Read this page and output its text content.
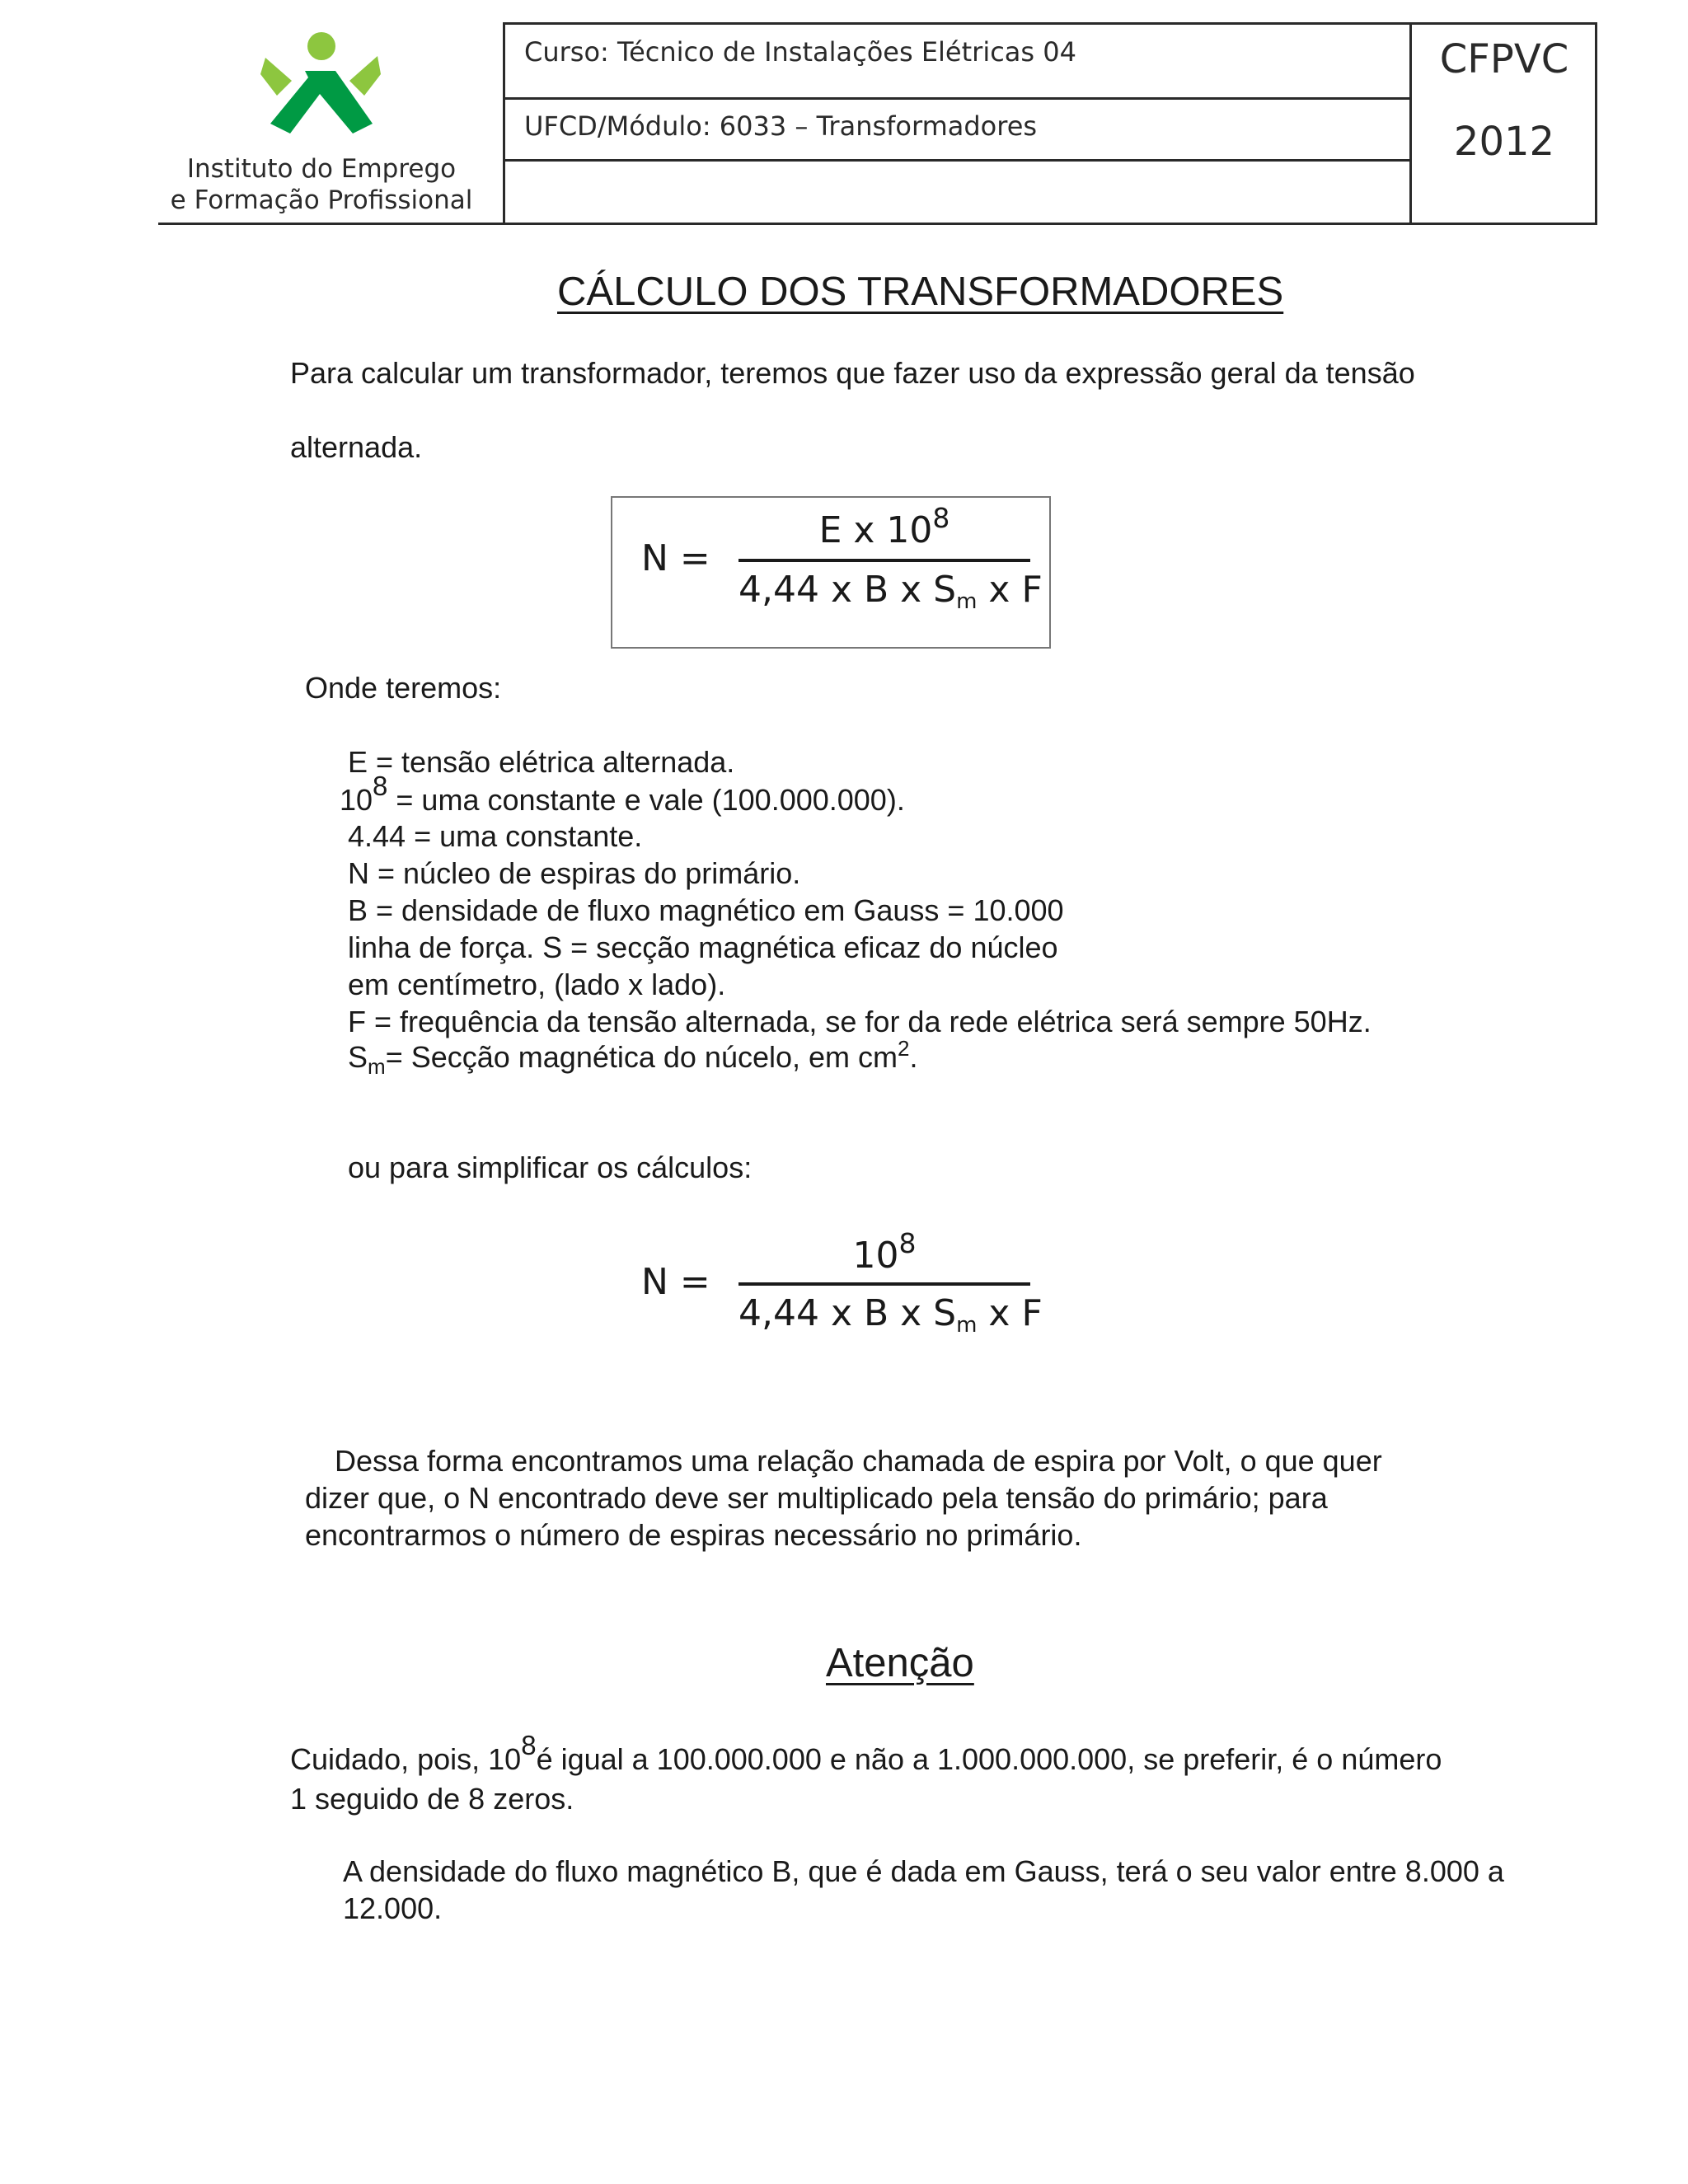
Instituto do Emprego
e Formação Profissional
Curso: Técnico de Instalações Elétricas 04
UFCD/Módulo: 6033 – Transformadores
CFPVC
2012
CÁLCULO DOS TRANSFORMADORES
Para calcular um transformador, teremos que fazer uso da expressão geral da tensão
alternada.
N =
E x $10^8$
4,44 x B x Sm x F
Onde teremos:
E = tensão elétrica alternada.
108 = uma constante e vale (100.000.000).
4.44 = uma constante.
N = núcleo de espiras do primário.
B = densidade de fluxo magnético em Gauss = 10.000
linha de força. S = secção magnética eficaz do núcleo
em centímetro, (lado x lado).
F = frequência da tensão alternada, se for da rede elétrica será sempre 50Hz.
$S_m=$ Secção magnética do núcelo, em $cm^2$.
ou para simplificar os cálculos:
N =
$10^8$
4,44 x B x Sm x F
Dessa forma encontramos uma relação chamada de espira por Volt, o que quer
dizer que, o N encontrado deve ser multiplicado pela tensão do primário; para
encontrarmos o número de espiras necessário no primário.
Atenção
Cuidado, pois, 108é igual a 100.000.000 e não a 1.000.000.000, se preferir, é o número
1 seguido de 8 zeros.
A densidade do fluxo magnético B, que é dada em Gauss, terá o seu valor entre 8.000 a
12.000.
